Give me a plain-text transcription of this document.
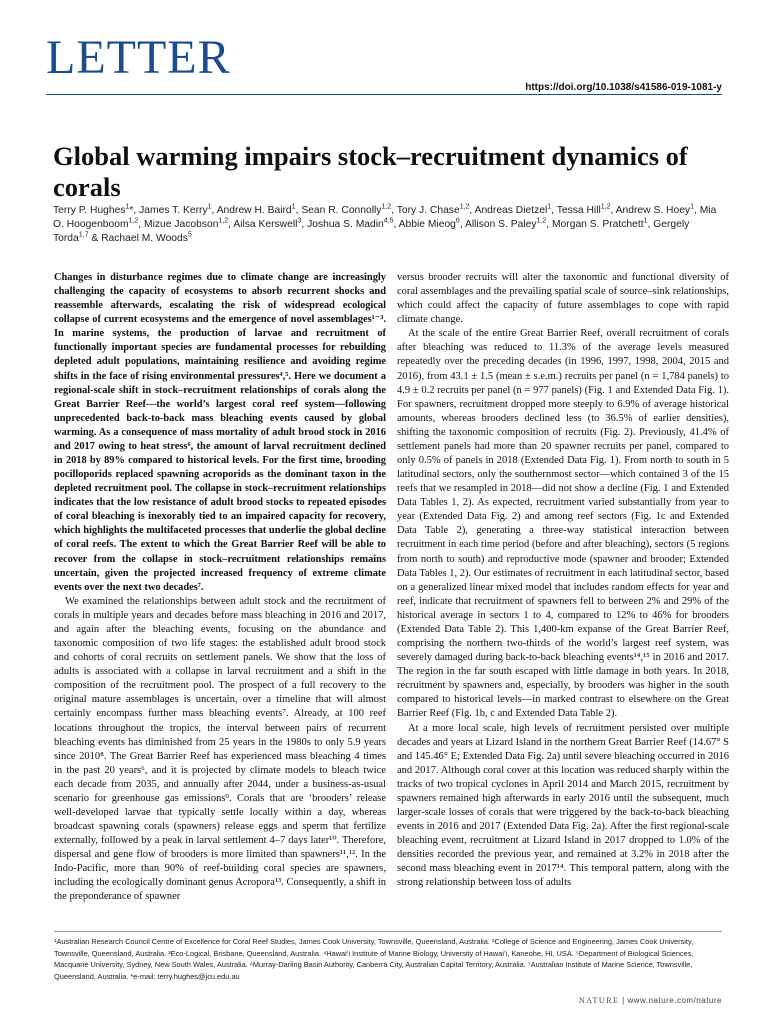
LETTER
https://doi.org/10.1038/s41586-019-1081-y
Global warming impairs stock–recruitment dynamics of corals
Terry P. Hughes$^1$*, James T. Kerry$^1$, Andrew H. Baird$^1$, Sean R. Connolly$^{1,2}$, Tory J. Chase$^{1,2}$, Andreas Dietzel$^1$, Tessa Hill$^{1,2}$, Andrew S. Hoey$^1$, Mia O. Hoogenboom$^{1,2}$, Mizue Jacobson$^{1,2}$, Ailsa Kerswell$^3$, Joshua S. Madin$^{4,5}$, Abbie Mieog$^6$, Allison S. Paley$^{1,2}$, Morgan S. Pratchett$^1$, Gergely Torda$^{1,7}$ & Rachael M. Woods$^5$

Changes in disturbance regimes due to climate change are increasingly challenging the capacity of ecosystems to absorb recurrent shocks and reassemble afterwards, escalating the risk of widespread ecological collapse of current ecosystems and the emergence of novel assemblages¹⁻³. In marine systems, the production of larvae and recruitment of functionally important species are fundamental processes for rebuilding depleted adult populations, maintaining resilience and avoiding regime shifts in the face of rising environmental pressures⁴,⁵. Here we document a regional-scale shift in stock–recruitment relationships of corals along the Great Barrier Reef—the world’s largest coral reef system—following unprecedented back-to-back mass bleaching events caused by global warming. As a consequence of mass mortality of adult brood stock in 2016 and 2017 owing to heat stress⁶, the amount of larval recruitment declined in 2018 by 89% compared to historical levels. For the first time, brooding pocilloporids replaced spawning acroporids as the dominant taxon in the depleted recruitment pool. The collapse in stock–recruitment relationships indicates that the low resistance of adult brood stocks to repeated episodes of coral bleaching is inexorably tied to an impaired capacity for recovery, which highlights the multifaceted processes that underlie the global decline of coral reefs. The extent to which the Great Barrier Reef will be able to recover from the collapse in stock–recruitment relationships remains uncertain, given the projected increased frequency of extreme climate events over the next two decades⁷.

We examined the relationships between adult stock and the recruitment of corals in multiple years and decades before mass bleaching in 2016 and 2017, and again after the bleaching events, focusing on the abundance and taxonomic composition of two life stages: the established adult brood stock and cohorts of coral recruits on settlement panels. We show that the loss of adults is associated with a collapse in larval recruitment and a shift in the composition of the recruitment pool. The prospect of a full recovery to the original mature assemblages is uncertain, over a timeline that will almost certainly encompass further mass bleaching events⁷. Already, at 100 reef locations throughout the tropics, the interval between pairs of recurrent bleaching events has diminished from 25 years in the 1980s to only 5.9 years since 2010⁸. The Great Barrier Reef has experienced mass bleaching 4 times in the past 20 years⁶, and it is projected by climate models to bleach twice each decade from 2035, and annually after 2044, under a business-as-usual scenario for greenhouse gas emissions⁹. Corals that are ‘brooders’ release well-developed larvae that typically settle locally within a day, whereas broadcast spawning corals (spawners) release eggs and sperm that fertilize externally, followed by a peak in larval settlement 4–7 days later¹⁰. Therefore, dispersal and gene flow of brooders is more limited than spawners¹¹,¹². In the Indo-Pacific, more than 90% of reef-building coral species are spawners, including the ecologically dominant genus Acropora¹³. Consequently, a shift in the preponderance of spawner

versus brooder recruits will alter the taxonomic and functional diversity of coral assemblages and the prevailing spatial scale of source–sink relationships, which could affect the capacity of future assemblages to cope with rapid climate change.

At the scale of the entire Great Barrier Reef, overall recruitment of corals after bleaching was reduced to 11.3% of the average levels measured repeatedly over the preceding decades (in 1996, 1997, 1998, 2004, 2015 and 2016), from 43.1 ± 1.5 (mean ± s.e.m.) recruits per panel (n = 1,784 panels) to 4.9 ± 0.2 recruits per panel (n = 977 panels) (Fig. 1 and Extended Data Fig. 1). For spawners, recruitment dropped more steeply to 6.9% of average historical amounts, whereas brooders declined less (to 36.5% of earlier densities), shifting the taxonomic composition of recruits (Fig. 2). Previously, 41.4% of settlement panels had more than 20 spawner recruits per panel, compared to only 0.5% of panels in 2018 (Extended Data Fig. 1). From north to south in 5 latitudinal sectors, only the southernmost sector—which contained 3 of the 15 reefs that we resampled in 2018—did not show a decline (Fig. 1 and Extended Data Tables 1, 2). As expected, recruitment varied substantially from year to year (Extended Data Fig. 2) and among reef sectors (Fig. 1c and Extended Data Table 2), generating a three-way statistical interaction between recruitment in each time period (before and after bleaching), sectors (5 regions from north to south) and reproductive mode (spawner and brooder; Extended Data Tables 1, 2). Our estimates of recruitment in each latitudinal sector, based on a generalized linear mixed model that includes random effects for year and reef, indicate that recruitment of spawners fell to between 2% and 29% of the historical average in sectors 1 to 4, compared to 12% to 46% for brooders (Extended Data Table 2). This 1,400-km expanse of the Great Barrier Reef, comprising the northern two-thirds of the world’s largest reef system, was severely damaged during back-to-back bleaching events¹⁴,¹⁵ in 2016 and 2017. The region in the far south escaped with little damage in both years. In 2018, recruitment by spawners and, especially, by brooders was higher in the south compared to historical levels—in marked contrast to elsewhere on the Great Barrier Reef (Fig. 1b, c and Extended Data Table 2).

At a more local scale, high levels of recruitment persisted over multiple decades and years at Lizard Island in the northern Great Barrier Reef (14.67° S and 145.46° E; Extended Data Fig. 2a) until severe bleaching occurred in 2016 and 2017. Although coral cover at this location was reduced sharply within the tracks of two tropical cyclones in April 2014 and March 2015, recruitment by spawners remained high afterwards in early 2016 until the subsequent, much larger-scale losses of corals that were triggered by the back-to-back bleaching events in 2016 and 2017 (Extended Data Fig. 2a). After the first regional-scale bleaching event, recruitment at Lizard Island in 2017 dropped to 1.0% of the densities recorded the previous year, and remained at 3.2% in 2018 after the second mass bleaching event in 2017¹⁴. This temporal pattern, along with the strong relationship between loss of adults

¹Australian Research Council Centre of Excellence for Coral Reef Studies, James Cook University, Townsville, Queensland, Australia. ²College of Science and Engineering, James Cook University, Townsville, Queensland, Australia. ³Eco-Logical, Brisbane, Queensland, Australia. ⁴Hawai’i Institute of Marine Biology, University of Hawai’i, Kaneohe, HI, USA. ⁵Department of Biological Sciences, Macquarie University, Sydney, New South Wales, Australia. ⁶Murray-Darling Basin Authority, Canberra City, Australian Capital Territory, Australia. ⁷Australian Institute of Marine Science, Townsville, Queensland, Australia. *e-mail: terry.hughes@jcu.edu.au
NATURE | www.nature.com/nature
